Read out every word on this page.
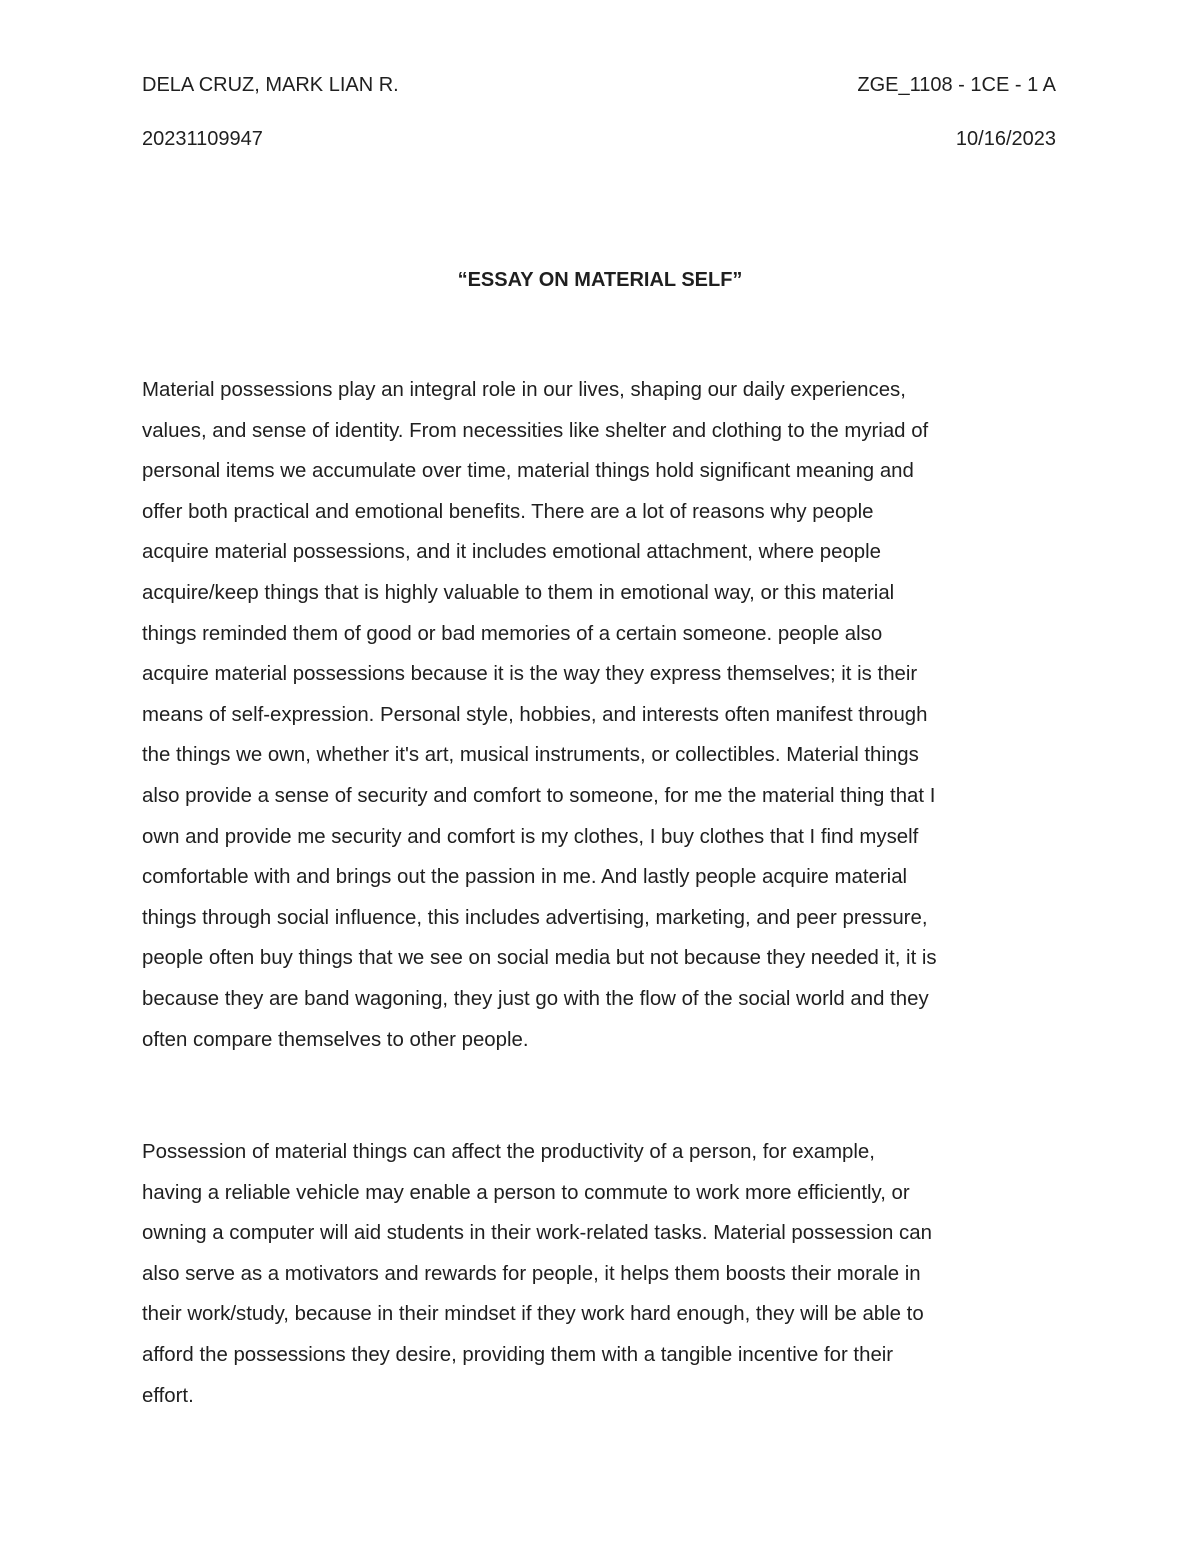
DELA CRUZ, MARK LIAN R.	ZGE_1108 - 1CE - 1 A
20231109947	10/16/2023
“ESSAY ON MATERIAL SELF”

Material possessions play an integral role in our lives, shaping our daily experiences,
values, and sense of identity. From necessities like shelter and clothing to the myriad of
personal items we accumulate over time, material things hold significant meaning and
offer both practical and emotional benefits. There are a lot of reasons why people
acquire material possessions, and it includes emotional attachment, where people
acquire/keep things that is highly valuable to them in emotional way, or this material
things reminded them of good or bad memories of a certain someone. people also
acquire material possessions because it is the way they express themselves; it is their
means of self-expression. Personal style, hobbies, and interests often manifest through
the things we own, whether it's art, musical instruments, or collectibles. Material things
also provide a sense of security and comfort to someone, for me the material thing that I
own and provide me security and comfort is my clothes, I buy clothes that I find myself
comfortable with and brings out the passion in me. And lastly people acquire material
things through social influence, this includes advertising, marketing, and peer pressure,
people often buy things that we see on social media but not because they needed it, it is
because they are band wagoning, they just go with the flow of the social world and they
often compare themselves to other people.

Possession of material things can affect the productivity of a person, for example,
having a reliable vehicle may enable a person to commute to work more efficiently, or
owning a computer will aid students in their work-related tasks. Material possession can
also serve as a motivators and rewards for people, it helps them boosts their morale in
their work/study, because in their mindset if they work hard enough, they will be able to
afford the possessions they desire, providing them with a tangible incentive for their
effort.
